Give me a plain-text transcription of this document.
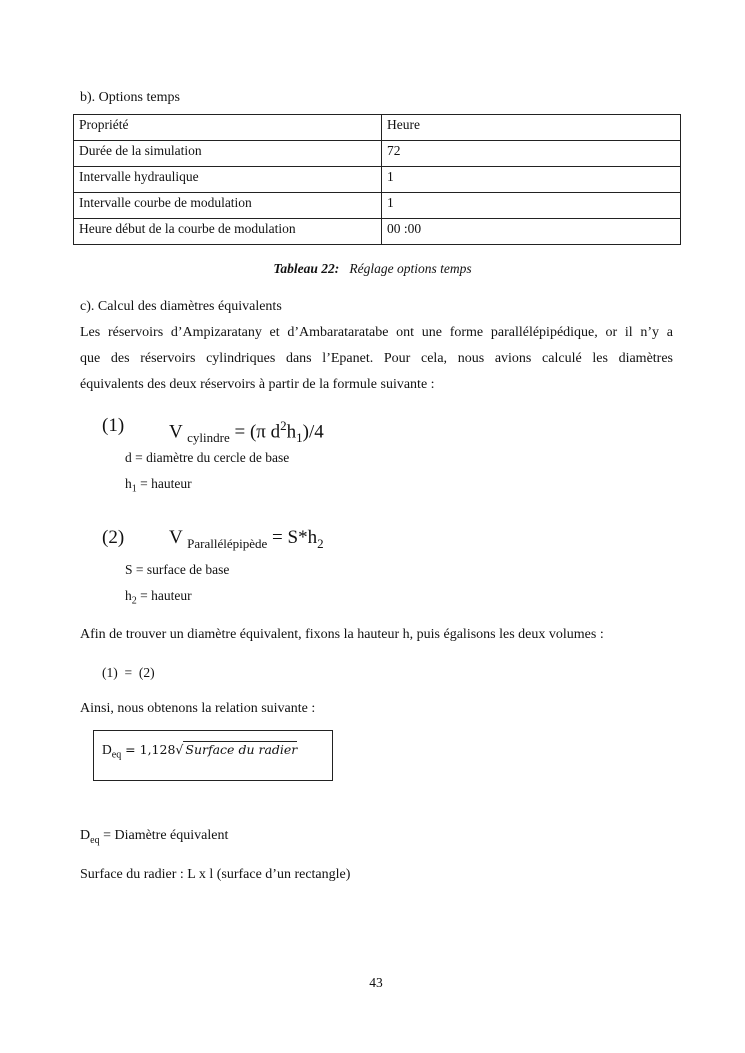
b). Options temps
Propriété	Heure
Durée de la simulation	72
Intervalle hydraulique	1
Intervalle courbe de modulation	1
Heure début de la courbe de modulation	00 :00
Tableau 22: Réglage options temps
c). Calcul des diamètres équivalents
Les réservoirs d’Ampizaratany et d’Ambarataratabe ont une forme parallélépipédique, or il n’y a
que des réservoirs cylindriques dans l’Epanet. Pour cela, nous avions calculé les diamètres
équivalents des deux réservoirs à partir de la formule suivante :
(1) V $_{cylindre}$ = (π $d^2h_1)/4$
d = diamètre du cercle de base
$h_1$ = hauteur
(2) V $_{Parallélépipède} = S*h_2$
S = surface de base
$h_2$ = hauteur
Afin de trouver un diamètre équivalent, fixons la hauteur h, puis égalisons les deux volumes :
(1)  =  (2)
Ainsi, nous obtenons la relation suivante :
$D_{eq} = 1,128√$ Surface du radier
$D_{eq}$ = Diamètre équivalent
Surface du radier : L x l (surface d’un rectangle)
43
